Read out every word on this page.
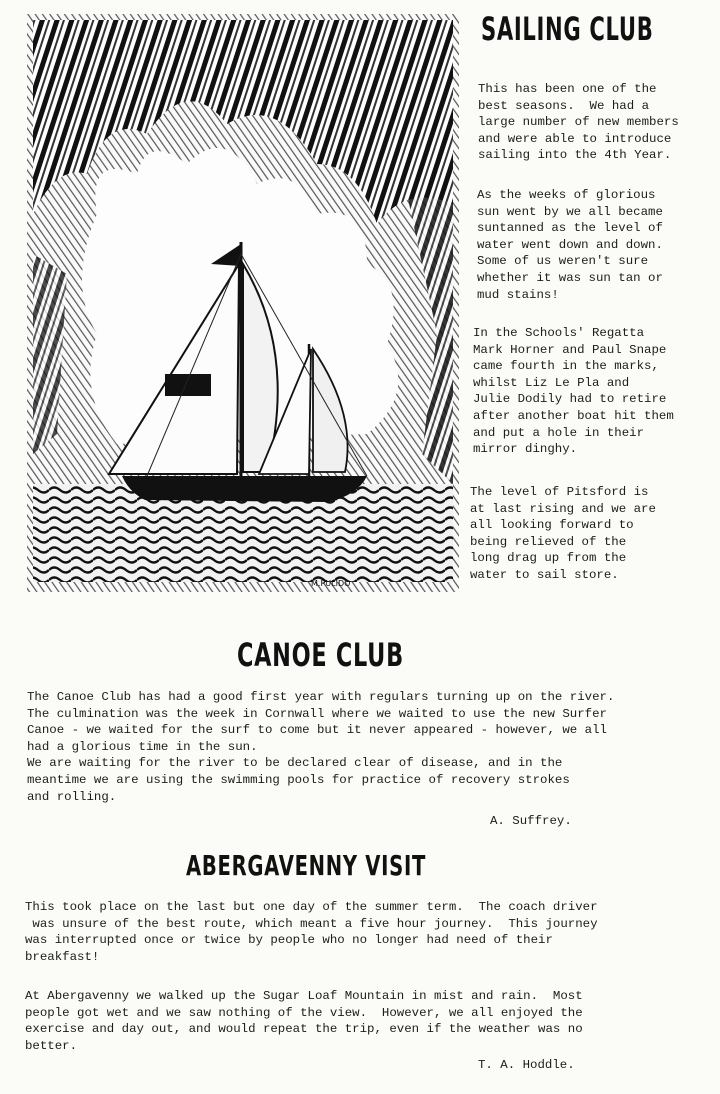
M.PULIDO
SAILING CLUB
This has been one of the
best seasons.  We had a
large number of new members
and were able to introduce
sailing into the 4th Year.
As the weeks of glorious
sun went by we all became
suntanned as the level of
water went down and down.
Some of us weren't sure
whether it was sun tan or
mud stains!
In the Schools' Regatta
Mark Horner and Paul Snape
came fourth in the marks,
whilst Liz Le Pla and
Julie Dodily had to retire
after another boat hit them
and put a hole in their
mirror dinghy.
The level of Pitsford is
at last rising and we are
all looking forward to
being relieved of the
long drag up from the
water to sail store.
CANOE CLUB
The Canoe Club has had a good first year with regulars turning up on the river.
The culmination was the week in Cornwall where we waited to use the new Surfer
Canoe - we waited for the surf to come but it never appeared - however, we all
had a glorious time in the sun.
We are waiting for the river to be declared clear of disease, and in the
meantime we are using the swimming pools for practice of recovery strokes
and rolling.
A. Suffrey.
ABERGAVENNY VISIT
This took place on the last but one day of the summer term.  The coach driver
was unsure of the best route, which meant a five hour journey.  This journey
was interrupted once or twice by people who no longer had need of their
breakfast!
At Abergavenny we walked up the Sugar Loaf Mountain in mist and rain.  Most
people got wet and we saw nothing of the view.  However, we all enjoyed the
exercise and day out, and would repeat the trip, even if the weather was no
better.
T. A. Hoddle.
